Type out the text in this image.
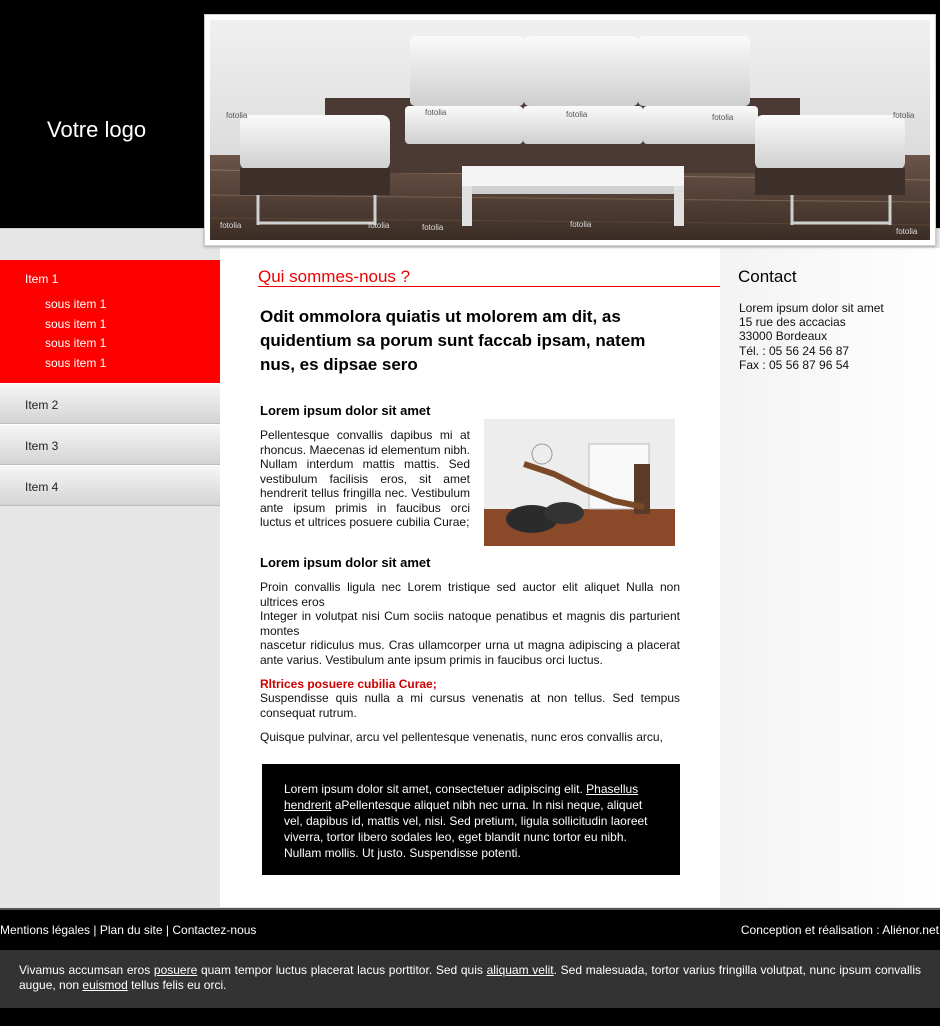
Votre logo
fotolia	fotolia	fotolia	fotolia	fotolia
fotolia	fotolia	fotolia	fotolia
fotolia
Item 1
sous item 1
sous item 1
sous item 1
sous item 1
Item 2
Item 3
Item 4
Qui sommes-nous ?
Odit ommolora quiatis ut molorem am dit, as quidentium sa porum sunt faccab ipsam, natem nus, es dipsae sero
Lorem ipsum dolor sit amet
Pellentesque convallis dapibus mi at rhoncus. Maecenas id elementum nibh. Nullam interdum mattis mattis. Sed vestibulum facilisis eros, sit amet hendrerit tellus fringilla nec. Vestibulum ante ipsum primis in faucibus orci luctus et ultrices posuere cubilia Curae;
Lorem ipsum dolor sit amet
Proin convallis ligula nec Lorem tristique sed auctor elit aliquet Nulla non ultrices eros
Integer in volutpat nisi Cum sociis natoque penatibus et magnis dis parturient montes
nascetur ridiculus mus. Cras ullamcorper urna ut magna adipiscing a placerat ante varius. Vestibulum ante ipsum primis in faucibus orci luctus.
Rltrices posuere cubilia Curae;
Suspendisse quis nulla a mi cursus venenatis at non tellus. Sed tempus consequat rutrum.
Quisque pulvinar, arcu vel pellentesque venenatis, nunc eros convallis arcu,
Lorem ipsum dolor sit amet, consectetuer adipiscing elit. Phasellus hendrerit aPellentesque aliquet nibh nec urna. In nisi neque, aliquet vel, dapibus id, mattis vel, nisi. Sed pretium, ligula sollicitudin laoreet viverra, tortor libero sodales leo, eget blandit nunc tortor eu nibh. Nullam mollis. Ut justo. Suspendisse potenti.
Contact
Lorem ipsum dolor sit amet
15 rue des accacias
33000 Bordeaux
Tél. : 05 56 24 56 87
Fax : 05 56 87 96 54
Mentions légales | Plan du site | Contactez-nous	Conception et réalisation : Aliénor.net
Vivamus accumsan eros posuere quam tempor luctus placerat lacus porttitor. Sed quis aliquam velit. Sed malesuada, tortor varius fringilla volutpat, nunc ipsum convallis augue, non euismod tellus felis eu orci.
